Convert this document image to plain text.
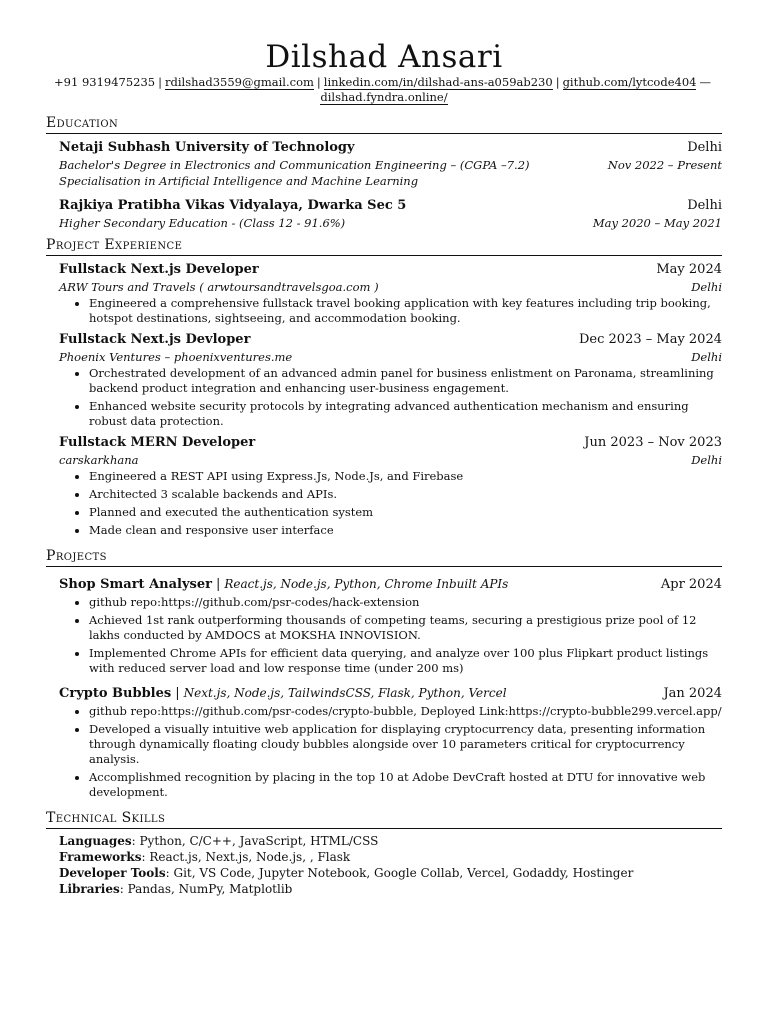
Dilshad Ansari
+91 9319475235 | rdilshad3559@gmail.com | linkedin.com/in/dilshad-ans-a059ab230 | github.com/lytcode404 —
dilshad.fyndra.online/
Education
Netaji Subhash University of Technology	Delhi
Bachelor's Degree in Electronics and Communication Engineering – (CGPA –7.2)	Nov 2022 – Present
Specialisation in Artificial Intelligence and Machine Learning
Rajkiya Pratibha Vikas Vidyalaya, Dwarka Sec 5	Delhi
Higher Secondary Education - (Class 12 - 91.6%)	May 2020 – May 2021
Project Experience
Fullstack Next.js Developer	May 2024
ARW Tours and Travels ( arwtoursandtravelsgoa.com )	Delhi
• Engineered a comprehensive fullstack travel booking application with key features including trip booking, hotspot destinations, sightseeing, and accommodation booking.
Fullstack Next.js Devloper	Dec 2023 – May 2024
Phoenix Ventures – phoenixventures.me	Delhi
• Orchestrated development of an advanced admin panel for business enlistment on Paronama, streamlining backend product integration and enhancing user-business engagement.
• Enhanced website security protocols by integrating advanced authentication mechanism and ensuring robust data protection.
Fullstack MERN Developer	Jun 2023 – Nov 2023
carskarkhana	Delhi
• Engineered a REST API using Express.Js, Node.Js, and Firebase
• Architected 3 scalable backends and APIs.
• Planned and executed the authentication system
• Made clean and responsive user interface
Projects
Shop Smart Analyser | React.js, Node.js, Python, Chrome Inbuilt APIs	Apr 2024
• github repo:https://github.com/psr-codes/hack-extension
• Achieved 1st rank outperforming thousands of competing teams, securing a prestigious prize pool of 12 lakhs conducted by AMDOCS at MOKSHA INNOVISION.
• Implemented Chrome APIs for efficient data querying, and analyze over 100 plus Flipkart product listings with reduced server load and low response time (under 200 ms)
Crypto Bubbles | Next.js, Node.js, TailwindsCSS, Flask, Python, Vercel	Jan 2024
• github repo:https://github.com/psr-codes/crypto-bubble, Deployed Link:https://crypto-bubble299.vercel.app/
• Developed a visually intuitive web application for displaying cryptocurrency data, presenting information through dynamically floating cloudy bubbles alongside over 10 parameters critical for cryptocurrency analysis.
• Accomplishmed recognition by placing in the top 10 at Adobe DevCraft hosted at DTU for innovative web development.
Technical Skills
Languages: Python, C/C++, JavaScript, HTML/CSS
Frameworks: React.js, Next.js, Node.js, , Flask
Developer Tools: Git, VS Code, Jupyter Notebook, Google Collab, Vercel, Godaddy, Hostinger
Libraries: Pandas, NumPy, Matplotlib
